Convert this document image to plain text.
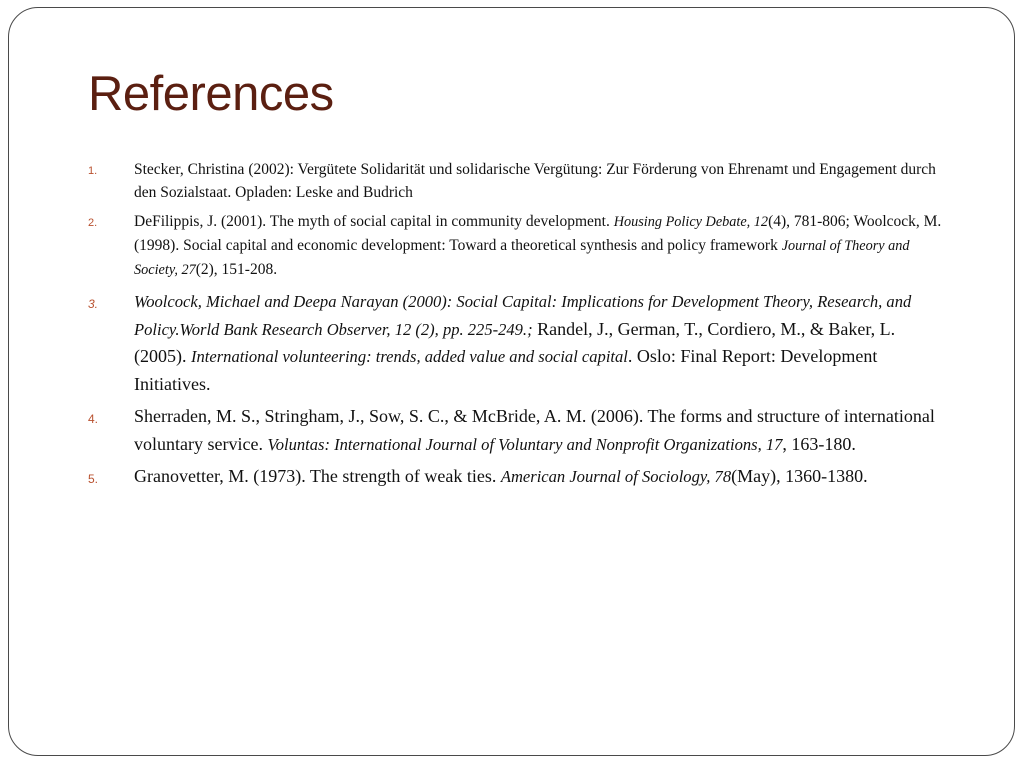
References
1. Stecker, Christina (2002): Vergütete Solidarität und solidarische Vergütung: Zur Förderung von Ehrenamt und Engagement durch den Sozialstaat. Opladen: Leske and Budrich
2. DeFilippis, J. (2001). The myth of social capital in community development. Housing Policy Debate, 12(4), 781-806; Woolcock, M. (1998). Social capital and economic development: Toward a theoretical synthesis and policy framework Journal of Theory and Society, 27(2), 151-208.
3. Woolcock, Michael and Deepa Narayan (2000): Social Capital: Implications for Development Theory, Research, and Policy.World Bank Research Observer, 12 (2), pp. 225-249.; Randel, J., German, T., Cordiero, M., & Baker, L. (2005). International volunteering: trends, added value and social capital. Oslo: Final Report: Development Initiatives.
4. Sherraden, M. S., Stringham, J., Sow, S. C., & McBride, A. M. (2006). The forms and structure of international voluntary service. Voluntas: International Journal of Voluntary and Nonprofit Organizations, 17, 163-180.
5. Granovetter, M. (1973). The strength of weak ties. American Journal of Sociology, 78(May), 1360-1380.
